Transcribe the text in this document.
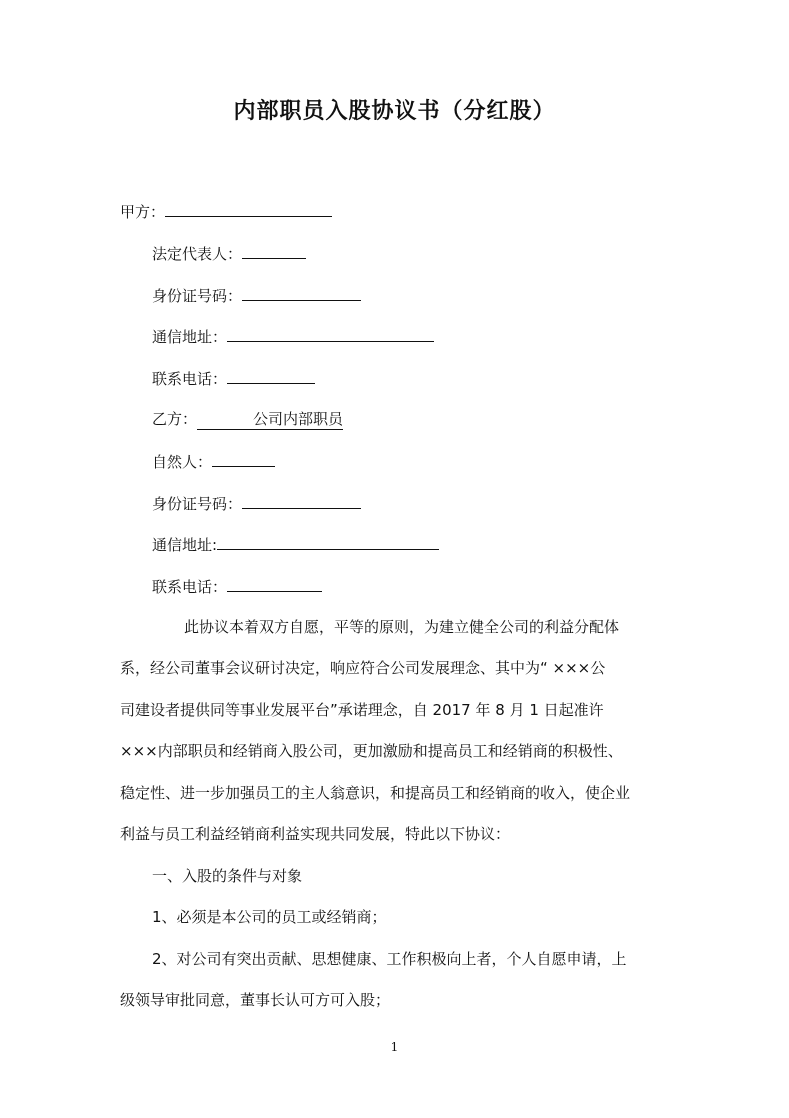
内部职员入股协议书（分红股）
甲方：
法定代表人：
身份证号码：
通信地址：
联系电话：
乙方：	公司内部职员
自然人：
身份证号码：
通信地址:
联系电话：
此协议本着双方自愿，平等的原则，为建立健全公司的利益分配体
系，经公司董事会议研讨决定，响应符合公司发展理念、其中为“ ×××公
司建设者提供同等事业发展平台”承诺理念，自 2017 年 8 月 1 日起准许
×××内部职员和经销商入股公司，更加激励和提高员工和经销商的积极性、
稳定性、进一步加强员工的主人翁意识，和提高员工和经销商的收入，使企业
利益与员工利益经销商利益实现共同发展，特此以下协议：
一、入股的条件与对象
1、必须是本公司的员工或经销商；
2、对公司有突出贡献、思想健康、工作积极向上者，个人自愿申请，上
级领导审批同意，董事长认可方可入股；
1
